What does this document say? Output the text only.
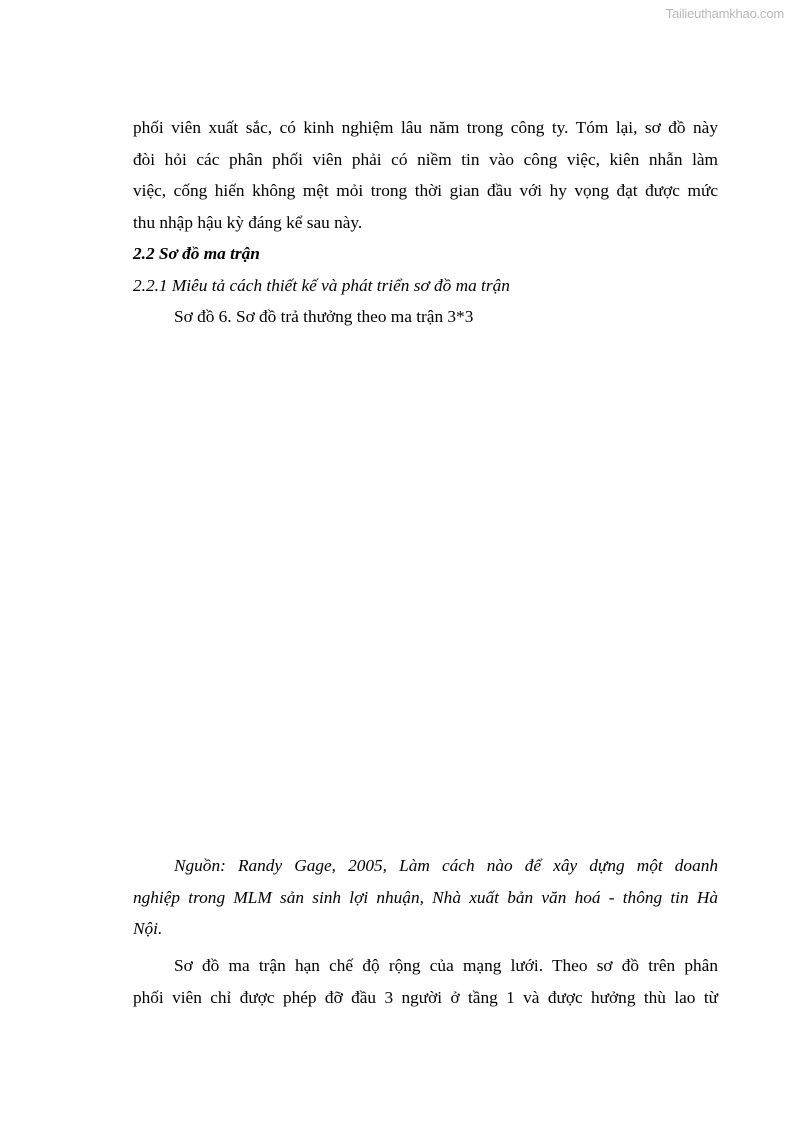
Tailieuthamkhao.com

phối viên xuất sắc, có kinh nghiệm lâu năm trong công ty. Tóm lại, sơ đồ này
đòi hỏi các phân phối viên phải có niềm tin vào công việc, kiên nhẫn làm
việc, cống hiến không mệt mỏi trong thời gian đầu với hy vọng đạt được mức
thu nhập hậu kỳ đáng kể sau này.

2.2 Sơ đồ ma trận

2.2.1 Miêu tả cách thiết kế và phát triển sơ đồ ma trận

Sơ đồ 6. Sơ đồ trả thưởng theo ma trận 3*3

Nguồn: Randy Gage, 2005, Làm cách nào để xây dựng một doanh
nghiệp trong MLM sản sinh lợi nhuận, Nhà xuất bản văn hoá - thông tin Hà
Nội.

Sơ đồ ma trận hạn chế độ rộng của mạng lưới. Theo sơ đồ trên phân
phối viên chỉ được phép đỡ đầu 3 người ở tầng 1 và được hưởng thù lao từ
